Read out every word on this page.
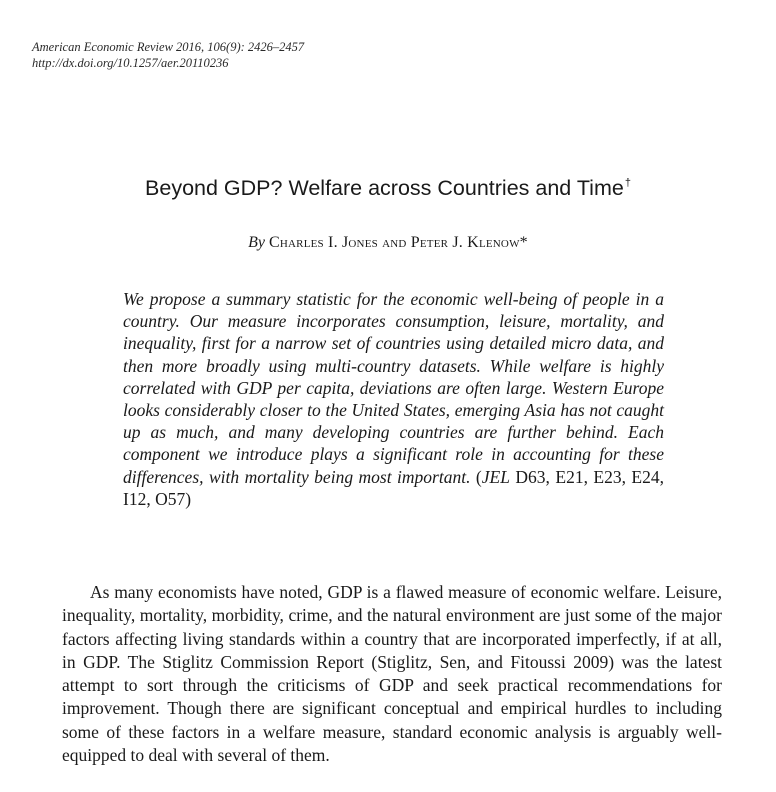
American Economic Review 2016, 106(9): 2426–2457
http://dx.doi.org/10.1257/aer.20110236
Beyond GDP? Welfare across Countries and Time†
By Charles I. Jones and Peter J. Klenow*
We propose a summary statistic for the economic well-being of people in a country. Our measure incorporates consumption, leisure, mortality, and inequality, first for a narrow set of countries using detailed micro data, and then more broadly using multi-country datasets. While welfare is highly correlated with GDP per capita, deviations are often large. Western Europe looks considerably closer to the United States, emerging Asia has not caught up as much, and many developing countries are further behind. Each component we introduce plays a significant role in accounting for these differences, with mortality being most important. (JEL D63, E21, E23, E24, I12, O57)
As many economists have noted, GDP is a flawed measure of economic welfare. Leisure, inequality, mortality, morbidity, crime, and the natural environment are just some of the major factors affecting living standards within a country that are incorporated imperfectly, if at all, in GDP. The Stiglitz Commission Report (Stiglitz, Sen, and Fitoussi 2009) was the latest attempt to sort through the criticisms of GDP and seek practical recommendations for improvement. Though there are significant conceptual and empirical hurdles to including some of these factors in a welfare measure, standard economic analysis is arguably well-equipped to deal with several of them.
